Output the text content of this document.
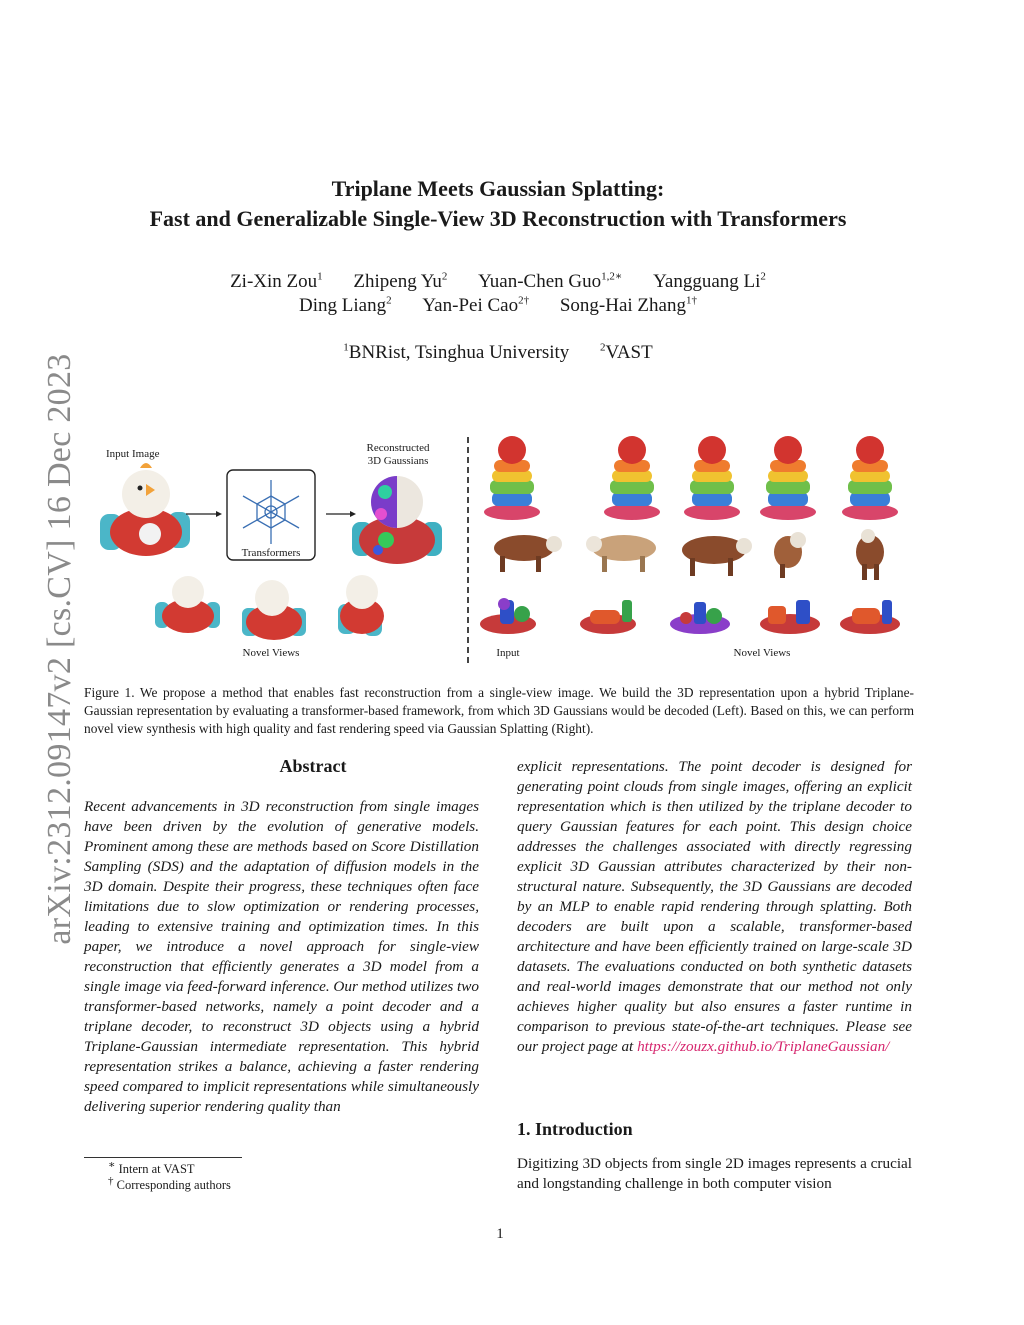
arXiv:2312.09147v2 [cs.CV] 16 Dec 2023
Triplane Meets Gaussian Splatting:
Fast and Generalizable Single-View 3D Reconstruction with Transformers
Zi-Xin Zou$^1$ Zhipeng Yu$^2$ Yuan-Chen Guo$^{1,2∗}$ Yangguang Li$^2$
Ding Liang$^2$ Yan-Pei Cao$^{2\dagger}$ Song-Hai Zhang$^{1\dagger}$
$^1$BNRist, Tsinghua University	$^2$VAST
Input Image	Reconstructed
3D Gaussians
Transformers
Novel Views	Input	Novel Views
Figure 1. We propose a method that enables fast reconstruction from a single-view image. We build the 3D representation upon a hybrid Triplane-Gaussian representation by evaluating a transformer-based framework, from which 3D Gaussians would be decoded (Left). Based on this, we can perform novel view synthesis with high quality and fast rendering speed via Gaussian Splatting (Right).
Abstract
Recent advancements in 3D reconstruction from single images have been driven by the evolution of generative models. Prominent among these are methods based on Score Distillation Sampling (SDS) and the adaptation of diffusion models in the 3D domain. Despite their progress, these techniques often face limitations due to slow optimization or rendering processes, leading to extensive training and optimization times. In this paper, we introduce a novel approach for single-view reconstruction that efficiently generates a 3D model from a single image via feed-forward inference. Our method utilizes two transformer-based networks, namely a point decoder and a triplane decoder, to reconstruct 3D objects using a hybrid Triplane-Gaussian intermediate representation. This hybrid representation strikes a balance, achieving a faster rendering speed compared to implicit representations while simultaneously delivering superior rendering quality than
explicit representations. The point decoder is designed for generating point clouds from single images, offering an explicit representation which is then utilized by the triplane decoder to query Gaussian features for each point. This design choice addresses the challenges associated with directly regressing explicit 3D Gaussian attributes characterized by their non-structural nature. Subsequently, the 3D Gaussians are decoded by an MLP to enable rapid rendering through splatting. Both decoders are built upon a scalable, transformer-based architecture and have been efficiently trained on large-scale 3D datasets. The evaluations conducted on both synthetic datasets and real-world images demonstrate that our method not only achieves higher quality but also ensures a faster runtime in comparison to previous state-of-the-art techniques. Please see our project page at https://zouzx.github.io/TriplaneGaussian/
1. Introduction
Digitizing 3D objects from single 2D images represents a crucial and longstanding challenge in both computer vision
∗ Intern at VAST
† Corresponding authors
1
